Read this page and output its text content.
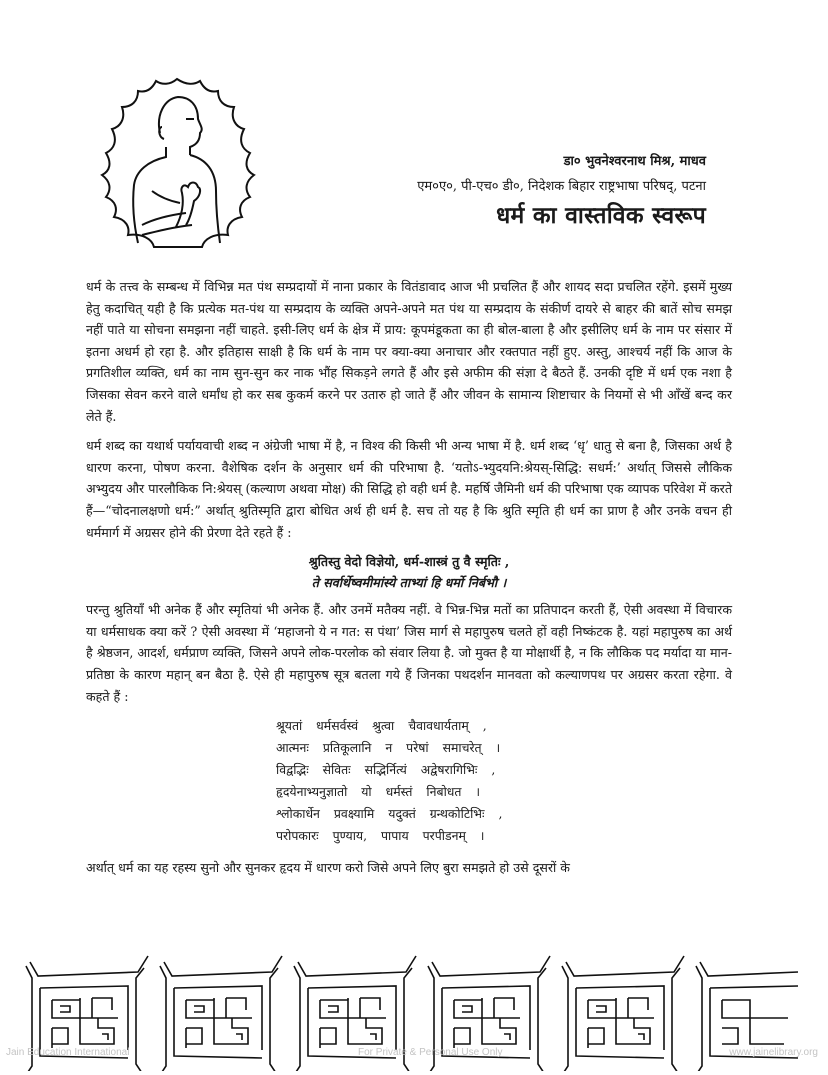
डा० भुवनेश्वरनाथ मिश्र, माधव
एम०ए०, पी-एच० डी०, निदेशक बिहार राष्ट्रभाषा परिषद्, पटना
धर्म का वास्तविक स्वरूप

धर्म के तत्त्व के सम्बन्ध में विभिन्न मत पंथ सम्प्रदायों में नाना प्रकार के वितंडावाद आज भी प्रचलित हैं और शायद सदा प्रचलित रहेंगे. इसमें मुख्य हेतु कदाचित् यही है कि प्रत्येक मत-पंथ या सम्प्रदाय के व्यक्ति अपने-अपने मत पंथ या सम्प्रदाय के संकीर्ण दायरे से बाहर की बातें सोच समझ नहीं पाते या सोचना समझना नहीं चाहते. इसी-लिए धर्म के क्षेत्र में प्राय: कूपमंडूकता का ही बोल-बाला है और इसीलिए धर्म के नाम पर संसार में इतना अधर्म हो रहा है. और इतिहास साक्षी है कि धर्म के नाम पर क्या-क्या अनाचार और रक्तपात नहीं हुए. अस्तु, आश्चर्य नहीं कि आज के प्रगतिशील व्यक्ति, धर्म का नाम सुन-सुन कर नाक भौंह सिकड़ने लगते हैं और इसे अफीम की संज्ञा दे बैठते हैं. उनकी दृष्टि में धर्म एक नशा है जिसका सेवन करने वाले धर्मांध हो कर सब कुकर्म करने पर उतारु हो जाते हैं और जीवन के सामान्य शिष्टाचार के नियमों से भी आँखें बन्द कर लेते हैं.

धर्म शब्द का यथार्थ पर्यायवाची शब्द न अंग्रेजी भाषा में है, न विश्व की किसी भी अन्य भाषा में है. धर्म शब्द ‘धृ’ धातु से बना है, जिसका अर्थ है धारण करना, पोषण करना. वैशेषिक दर्शन के अनुसार धर्म की परिभाषा है. ‘यतोऽ-भ्युदयनि:श्रेयस्-सिद्धि: सधर्म:’ अर्थात् जिससे लौकिक अभ्युदय और पारलौकिक नि:श्रेयस् (कल्याण अथवा मोक्ष) की सिद्धि हो वही धर्म है. महर्षि जैमिनी धर्म की परिभाषा एक व्यापक परिवेश में करते हैं—“चोदनालक्षणो धर्म:” अर्थात् श्रुतिस्मृति द्वारा बोधित अर्थ ही धर्म है. सच तो यह है कि श्रुति स्मृति ही धर्म का प्राण है और उनके वचन ही धर्ममार्ग में अग्रसर होने की प्रेरणा देते रहते हैं :

श्रुतिस्तु वेदो विज्ञेयो, धर्म-शास्त्रं तु वै स्मृतिः ,
ते सर्वार्थेष्वमीमांस्ये ताभ्यां हि धर्मो निर्बभौ ।

परन्तु श्रुतियाँ भी अनेक हैं और स्मृतियां भी अनेक हैं. और उनमें मतैक्य नहीं. वे भिन्न-भिन्न मतों का प्रतिपादन करती हैं, ऐसी अवस्था में विचारक या धर्मसाधक क्या करें ? ऐसी अवस्था में ‘महाजनो ये न गत: स पंथा’ जिस मार्ग से महापुरुष चलते हों वही निष्कंटक है. यहां महापुरुष का अर्थ है श्रेष्ठजन, आदर्श, धर्मप्राण व्यक्ति, जिसने अपने लोक-परलोक को संवार लिया है. जो मुक्त है या मोक्षार्थी है, न कि लौकिक पद मर्यादा या मान-प्रतिष्ठा के कारण महान् बन बैठा है. ऐसे ही महापुरुष सूत्र बतला गये हैं जिनका पथदर्शन मानवता को कल्याणपथ पर अग्रसर करता रहेगा. वे कहते हैं :

श्रूयतां धर्मसर्वस्वं श्रुत्वा चैवावधार्यताम् ,
आत्मनः प्रतिकूलानि न परेषां समाचरेत् ।
विद्वद्भिः सेवितः सद्भिर्नित्यं अद्वेषरागिभिः ,
हृदयेनाभ्यनुज्ञातो यो धर्मस्तं निबोधत ।
श्लोकार्धेन प्रवक्ष्यामि यदुक्तं ग्रन्थकोटिभिः ,
परोपकारः पुण्याय, पापाय परपीडनम् ।

अर्थात् धर्म का यह रहस्य सुनो और सुनकर हृदय में धारण करो जिसे अपने लिए बुरा समझते हो उसे दूसरों के

Jain Education International	For Private & Personal Use Only	www.jainelibrary.org
